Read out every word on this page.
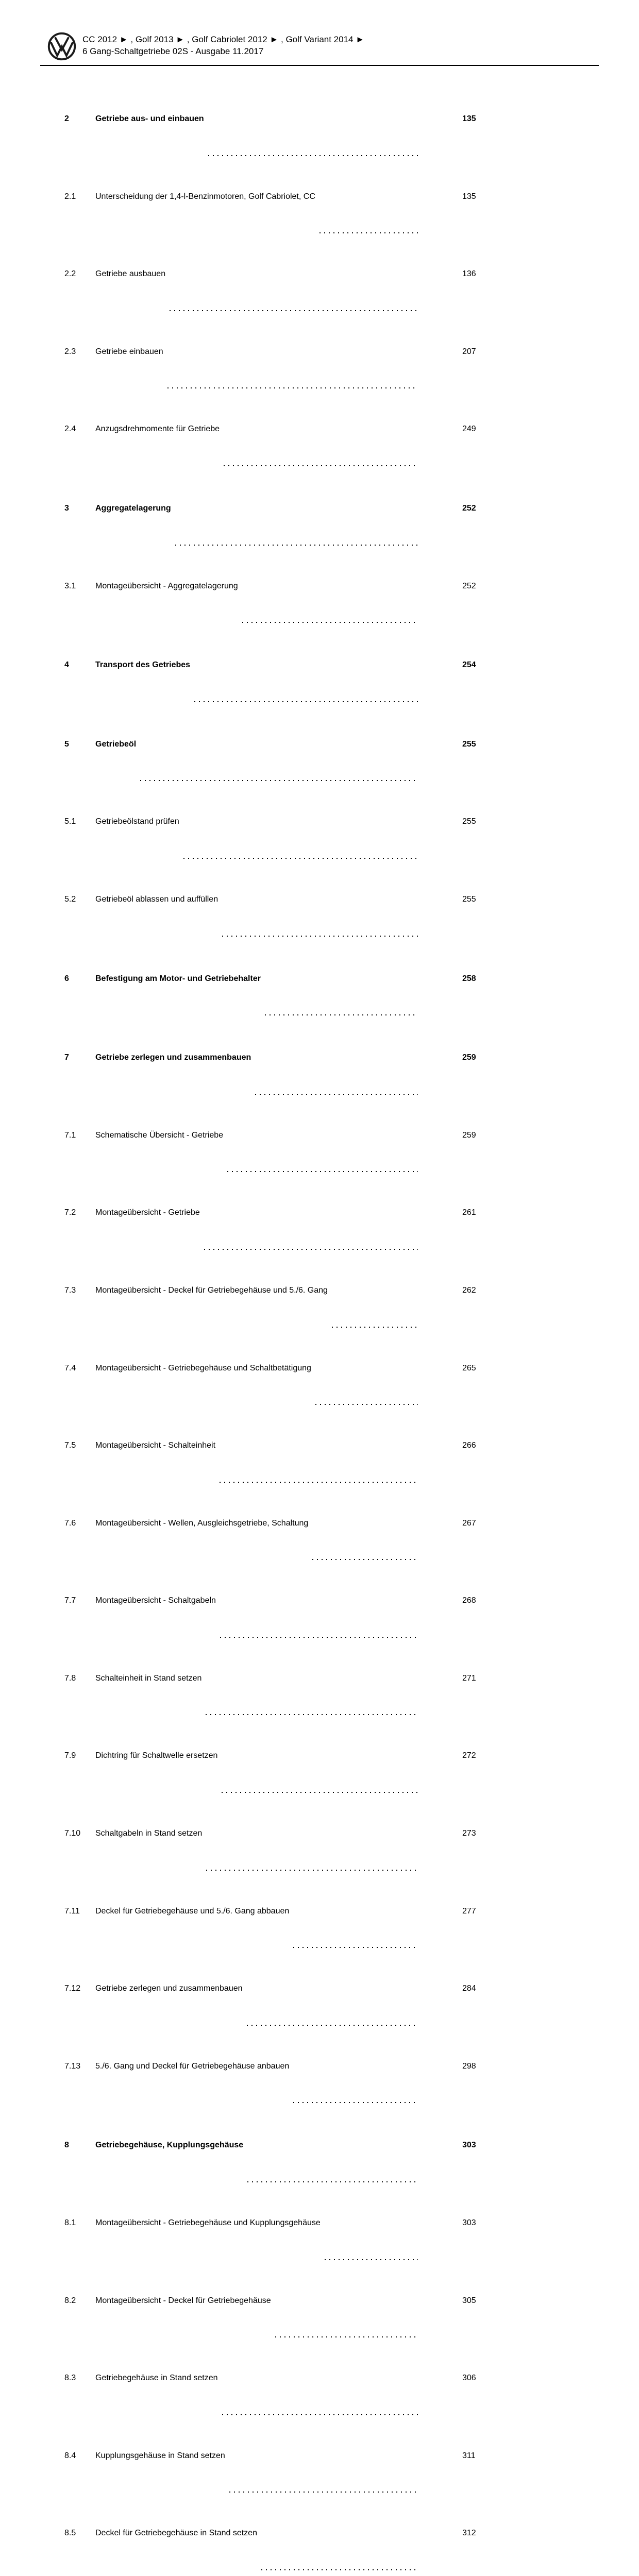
CC 2012 ► , Golf 2013 ► , Golf Cabriolet 2012 ► , Golf Variant 2014 ►
6 Gang-Schaltgetriebe 02S - Ausgabe 11.2017
2	Getriebe aus- und einbauen	135
2.1	Unterscheidung der 1,4-l-Benzinmotoren, Golf Cabriolet, CC	135
2.2	Getriebe ausbauen	136
2.3	Getriebe einbauen	207
2.4	Anzugsdrehmomente für Getriebe	249
3	Aggregatelagerung	252
3.1	Montageübersicht - Aggregatelagerung	252
4	Transport des Getriebes	254
5	Getriebeöl	255
5.1	Getriebeölstand prüfen	255
5.2	Getriebeöl ablassen und auffüllen	255
6	Befestigung am Motor- und Getriebehalter	258
7	Getriebe zerlegen und zusammenbauen	259
7.1	Schematische Übersicht - Getriebe	259
7.2	Montageübersicht - Getriebe	261
7.3	Montageübersicht - Deckel für Getriebegehäuse und 5./6. Gang	262
7.4	Montageübersicht - Getriebegehäuse und Schaltbetätigung	265
7.5	Montageübersicht - Schalteinheit	266
7.6	Montageübersicht - Wellen, Ausgleichsgetriebe, Schaltung	267
7.7	Montageübersicht - Schaltgabeln	268
7.8	Schalteinheit in Stand setzen	271
7.9	Dichtring für Schaltwelle ersetzen	272
7.10	Schaltgabeln in Stand setzen	273
7.11	Deckel für Getriebegehäuse und 5./6. Gang abbauen	277
7.12	Getriebe zerlegen und zusammenbauen	284
7.13	5./6. Gang und Deckel für Getriebegehäuse anbauen	298
8	Getriebegehäuse, Kupplungsgehäuse	303
8.1	Montageübersicht - Getriebegehäuse und Kupplungsgehäuse	303
8.2	Montageübersicht - Deckel für Getriebegehäuse	305
8.3	Getriebegehäuse in Stand setzen	306
8.4	Kupplungsgehäuse in Stand setzen	311
8.5	Deckel für Getriebegehäuse in Stand setzen	312
